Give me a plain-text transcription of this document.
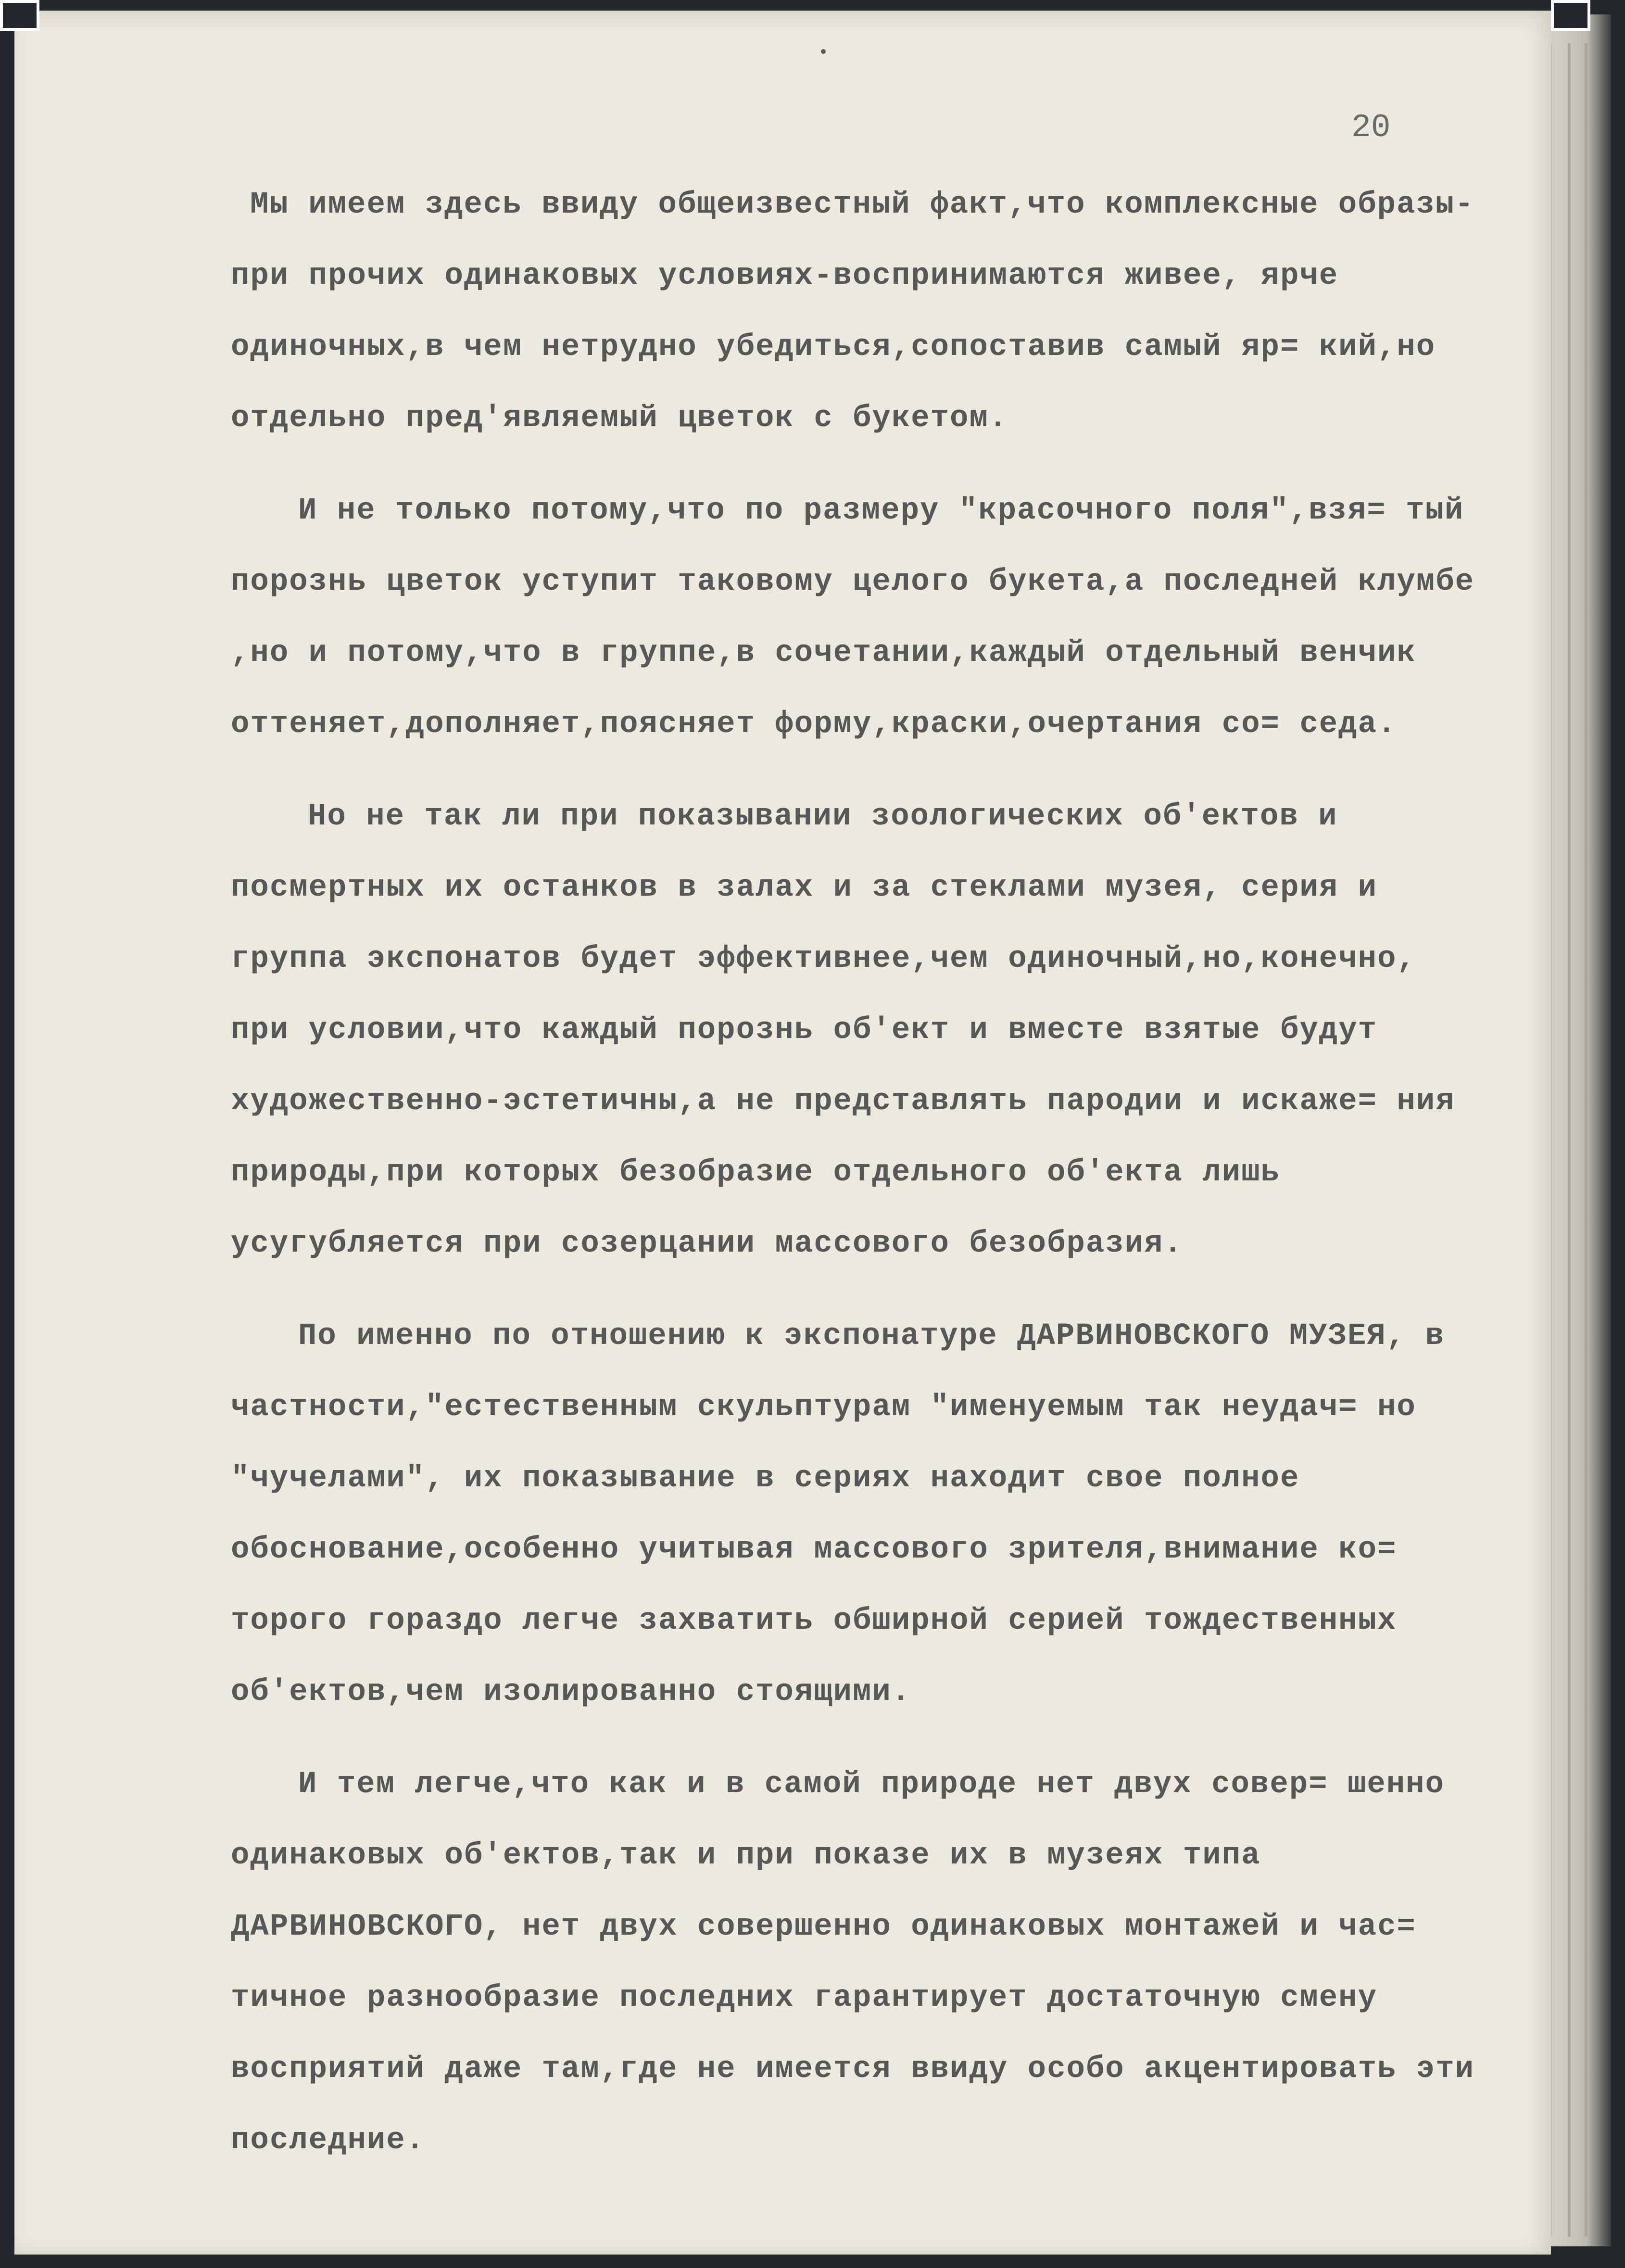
20

Мы имеем здесь ввиду общеизвестный факт,что комплексные образы-при прочих одинаковых условиях-воспринимаются живее, ярче одиночных,в чем нетрудно убедиться,сопоставив самый яр= кий,но отдельно пред'являемый цветок с букетом.

И не только потому,что по размеру "красочного поля",взя= тый порознь цветок уступит таковому целого букета,а последней клумбе ,но и потому,что в группе,в сочетании,каждый отдельный венчик оттеняет,дополняет,поясняет форму,краски,очертания со= седа.

Но не так ли при показывании зоологических об'ектов и посмертных их останков в залах и за стеклами музея, серия и группа экспонатов будет эффективнее,чем одиночный,но,конечно, при условии,что каждый порознь об'ект и вместе взятые будут художественно-эстетичны,а не представлять пародии и искаже= ния природы,при которых безобразие отдельного об'екта лишь усугубляется при созерцании массового безобразия.

По именно по отношению к экспонатуре ДАРВИНОВСКОГО МУЗЕЯ, в частности,"естественным скульптурам "именуемым так неудач= но "чучелами", их показывание в сериях находит свое полное обоснование,особенно учитывая массового зрителя,внимание ко= торого гораздо легче захватить обширной серией тождественных об'ектов,чем изолированно стоящими.

И тем легче,что как и в самой природе нет двух совер= шенно одинаковых об'ектов,так и при показе их в музеях типа ДАРВИНОВСКОГО, нет двух совершенно одинаковых монтажей и час= тичное разнообразие последних гарантирует достаточную смену восприятий даже там,где не имеется ввиду особо акцентировать эти последние.
